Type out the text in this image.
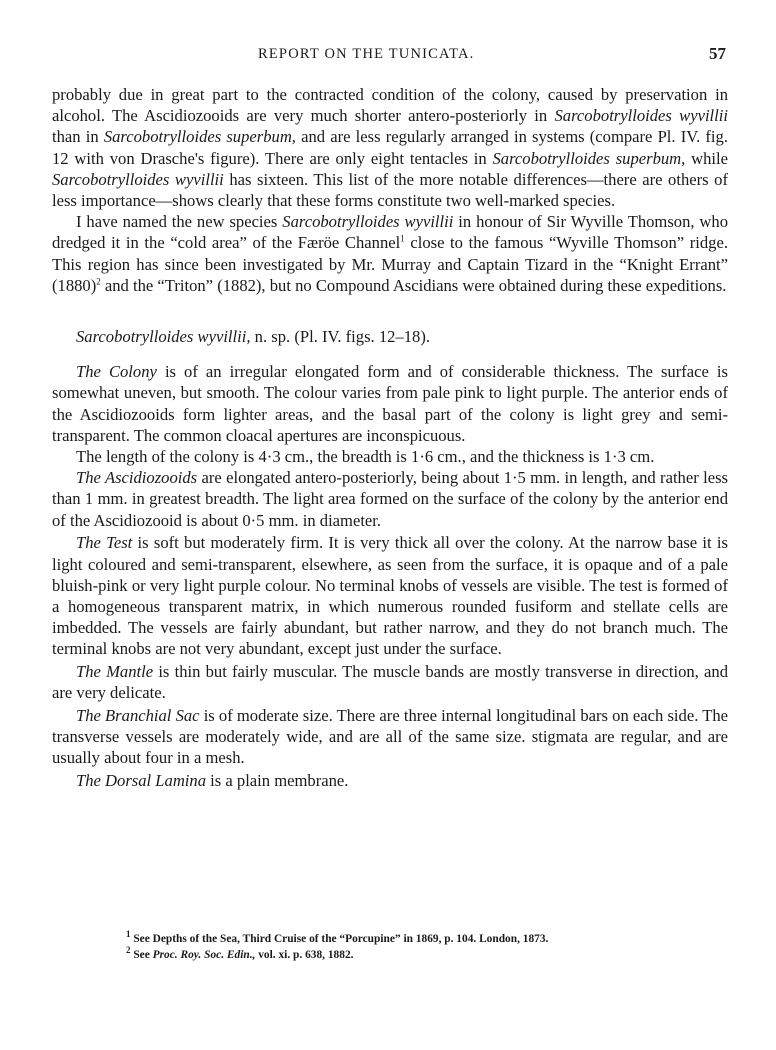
REPORT ON THE TUNICATA.	57

probably due in great part to the contracted condition of the colony, caused by preservation in alcohol. The Ascidiozooids are very much shorter antero-posteriorly in Sarcobotrylloides wyvillii than in Sarcobotrylloides superbum, and are less regularly arranged in systems (compare Pl. IV. fig. 12 with von Drasche's figure). There are only eight tentacles in Sarcobotrylloides superbum, while Sarcobotrylloides wyvillii has sixteen. This list of the more notable differences—there are others of less importance—shows clearly that these forms constitute two well-marked species.

I have named the new species Sarcobotrylloides wyvillii in honour of Sir Wyville Thomson, who dredged it in the “cold area” of the Færöe Channel$^1$ close to the famous “Wyville Thomson” ridge. This region has since been investigated by Mr. Murray and Captain Tizard in the “Knight Errant” $(1880)^2$ and the “Triton” (1882), but no Compound Ascidians were obtained during these expeditions.

Sarcobotrylloides wyvillii, n. sp. (Pl. IV. figs. 12–18).

The Colony is of an irregular elongated form and of considerable thickness. The surface is somewhat uneven, but smooth. The colour varies from pale pink to light purple. The anterior ends of the Ascidiozooids form lighter areas, and the basal part of the colony is light grey and semi-transparent. The common cloacal apertures are inconspicuous.

The length of the colony is 4·3 cm., the breadth is 1·6 cm., and the thickness is 1·3 cm.

The Ascidiozooids are elongated antero-posteriorly, being about 1·5 mm. in length, and rather less than 1 mm. in greatest breadth. The light area formed on the surface of the colony by the anterior end of the Ascidiozooid is about 0·5 mm. in diameter.

The Test is soft but moderately firm. It is very thick all over the colony. At the narrow base it is light coloured and semi-transparent, elsewhere, as seen from the surface, it is opaque and of a pale bluish-pink or very light purple colour. No terminal knobs of vessels are visible. The test is formed of a homogeneous transparent matrix, in which numerous rounded fusiform and stellate cells are imbedded. The vessels are fairly abundant, but rather narrow, and they do not branch much. The terminal knobs are not very abundant, except just under the surface.

The Mantle is thin but fairly muscular. The muscle bands are mostly transverse in direction, and are very delicate.

The Branchial Sac is of moderate size. There are three internal longitudinal bars on each side. The transverse vessels are moderately wide, and are all of the same size. stigmata are regular, and are usually about four in a mesh.

The Dorsal Lamina is a plain membrane.

$^1$ See Depths of the Sea, Third Cruise of the “Porcupine” in 1869, p. 104. London, 1873.

$^2$ See Proc. Roy. Soc. Edin., vol. xi. p. 638, 1882.
